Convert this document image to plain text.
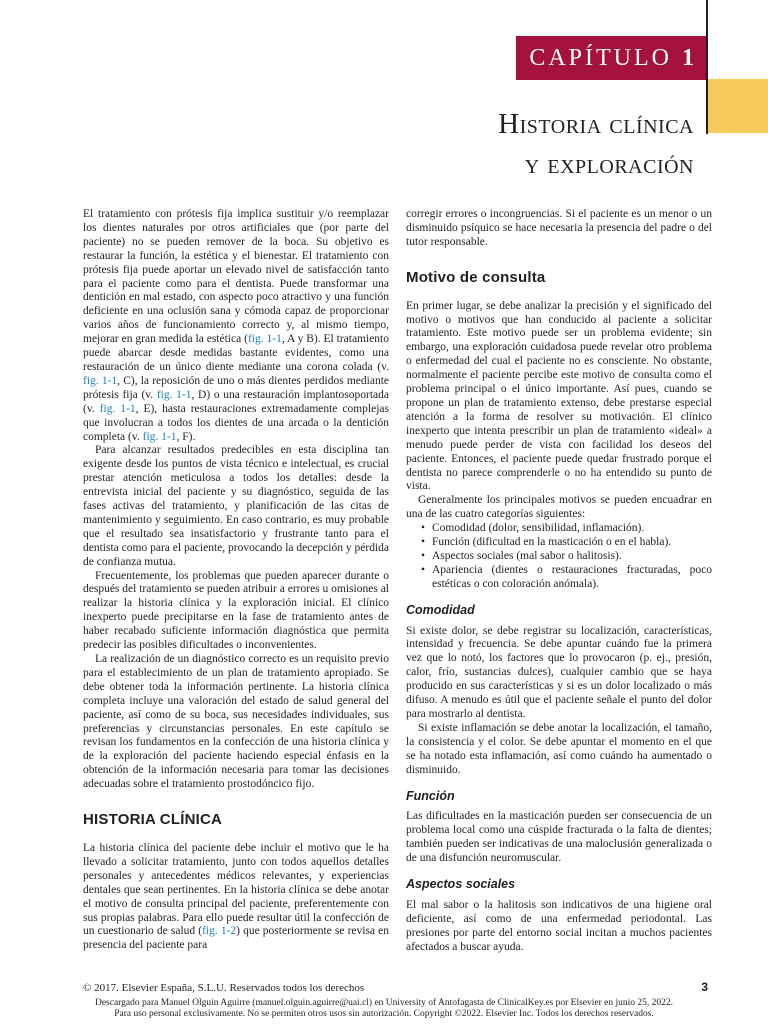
CAPÍTULO 1
Historia clínica
y exploración

El tratamiento con prótesis fija implica sustituir y/o reemplazar los dientes naturales por otros artificiales que (por parte del paciente) no se pueden remover de la boca. Su objetivo es restaurar la función, la estética y el bienestar. El tratamiento con prótesis fija puede aportar un elevado nivel de satisfacción tanto para el paciente como para el dentista. Puede transformar una dentición en mal estado, con aspecto poco atractivo y una función deficiente en una oclusión sana y cómoda capaz de proporcionar varios años de funcionamiento correcto y, al mismo tiempo, mejorar en gran medida la estética (fig. 1-1, A y B). El tratamiento puede abarcar desde medidas bastante evidentes, como una restauración de un único diente mediante una corona colada (v. fig. 1-1, C), la reposición de uno o más dientes perdidos mediante prótesis fija (v. fig. 1-1, D) o una restauración implantosoportada (v. fig. 1-1, E), hasta restauraciones extremadamente complejas que involucran a todos los dientes de una arcada o la dentición completa (v. fig. 1-1, F).

Para alcanzar resultados predecibles en esta disciplina tan exigente desde los puntos de vista técnico e intelectual, es crucial prestar atención meticulosa a todos los detalles: desde la entrevista inicial del paciente y su diagnóstico, seguida de las fases activas del tratamiento, y planificación de las citas de mantenimiento y seguimiento. En caso contrario, es muy probable que el resultado sea insatisfactorio y frustrante tanto para el dentista como para el paciente, provocando la decepción y pérdida de confianza mutua.

Frecuentemente, los problemas que pueden aparecer durante o después del tratamiento se pueden atribuir a errores u omisiones al realizar la historia clínica y la exploración inicial. El clínico inexperto puede precipitarse en la fase de tratamiento antes de haber recabado suficiente información diagnóstica que permita predecir las posibles dificultades o inconvenientes.

La realización de un diagnóstico correcto es un requisito previo para el establecimiento de un plan de tratamiento apropiado. Se debe obtener toda la información pertinente. La historia clínica completa incluye una valoración del estado de salud general del paciente, así como de su boca, sus necesidades individuales, sus preferencias y circunstancias personales. En este capítulo se revisan los fundamentos en la confección de una historia clínica y de la exploración del paciente haciendo especial énfasis en la obtención de la información necesaria para tomar las decisiones adecuadas sobre el tratamiento prostodóncico fijo.

HISTORIA CLÍNICA

La historia clínica del paciente debe incluir el motivo que le ha llevado a solicitar tratamiento, junto con todos aquellos detalles personales y antecedentes médicos relevantes, y experiencias dentales que sean pertinentes. En la historia clínica se debe anotar el motivo de consulta principal del paciente, preferentemente con sus propias palabras. Para ello puede resultar útil la confección de un cuestionario de salud (fig. 1-2) que posteriormente se revisa en presencia del paciente para

corregir errores o incongruencias. Si el paciente es un menor o un disminuido psíquico se hace necesaria la presencia del padre o del tutor responsable.

Motivo de consulta

En primer lugar, se debe analizar la precisión y el significado del motivo o motivos que han conducido al paciente a solicitar tratamiento. Este motivo puede ser un problema evidente; sin embargo, una exploración cuidadosa puede revelar otro problema o enfermedad del cual el paciente no es consciente. No obstante, normalmente el paciente percibe este motivo de consulta como el problema principal o el único importante. Así pues, cuando se propone un plan de tratamiento extenso, debe prestarse especial atención a la forma de resolver su motivación. El clínico inexperto que intenta prescribir un plan de tratamiento «ideal» a menudo puede perder de vista con facilidad los deseos del paciente. Entonces, el paciente puede quedar frustrado porque el dentista no parece comprenderle o no ha entendido su punto de vista.

Generalmente los principales motivos se pueden encuadrar en una de las cuatro categorías siguientes:

• Comodidad (dolor, sensibilidad, inflamación).
• Función (dificultad en la masticación o en el habla).
• Aspectos sociales (mal sabor o halitosis).
• Apariencia (dientes o restauraciones fracturadas, poco estéticas o con coloración anómala).
Comodidad

Si existe dolor, se debe registrar su localización, características, intensidad y frecuencia. Se debe apuntar cuándo fue la primera vez que lo notó, los factores que lo provocaron (p. ej., presión, calor, frío, sustancias dulces), cualquier cambio que se haya producido en sus características y si es un dolor localizado o más difuso. A menudo es útil que el paciente señale el punto del dolor para mostrarlo al dentista.

Si existe inflamación se debe anotar la localización, el tamaño, la consistencia y el color. Se debe apuntar el momento en el que se ha notado esta inflamación, así como cuándo ha aumentado o disminuido.

Función

Las dificultades en la masticación pueden ser consecuencia de un problema local como una cúspide fracturada o la falta de dientes; también pueden ser indicativas de una maloclusión generalizada o de una disfunción neuromuscular.

Aspectos sociales

El mal sabor o la halitosis son indicativos de una higiene oral deficiente, así como de una enfermedad periodontal. Las presiones por parte del entorno social incitan a muchos pacientes afectados a buscar ayuda.

© 2017. Elsevier España, S.L.U. Reservados todos los derechos	3
Descargado para Manuel Olguín Aguirre (manuel.olguin.aguirre@uai.cl) en University of Antofagasta de ClinicalKey.es por Elsevier en junio 25, 2022.
Para uso personal exclusivamente. No se permiten otros usos sin autorización. Copyright ©2022. Elsevier Inc. Todos los derechos reservados.
